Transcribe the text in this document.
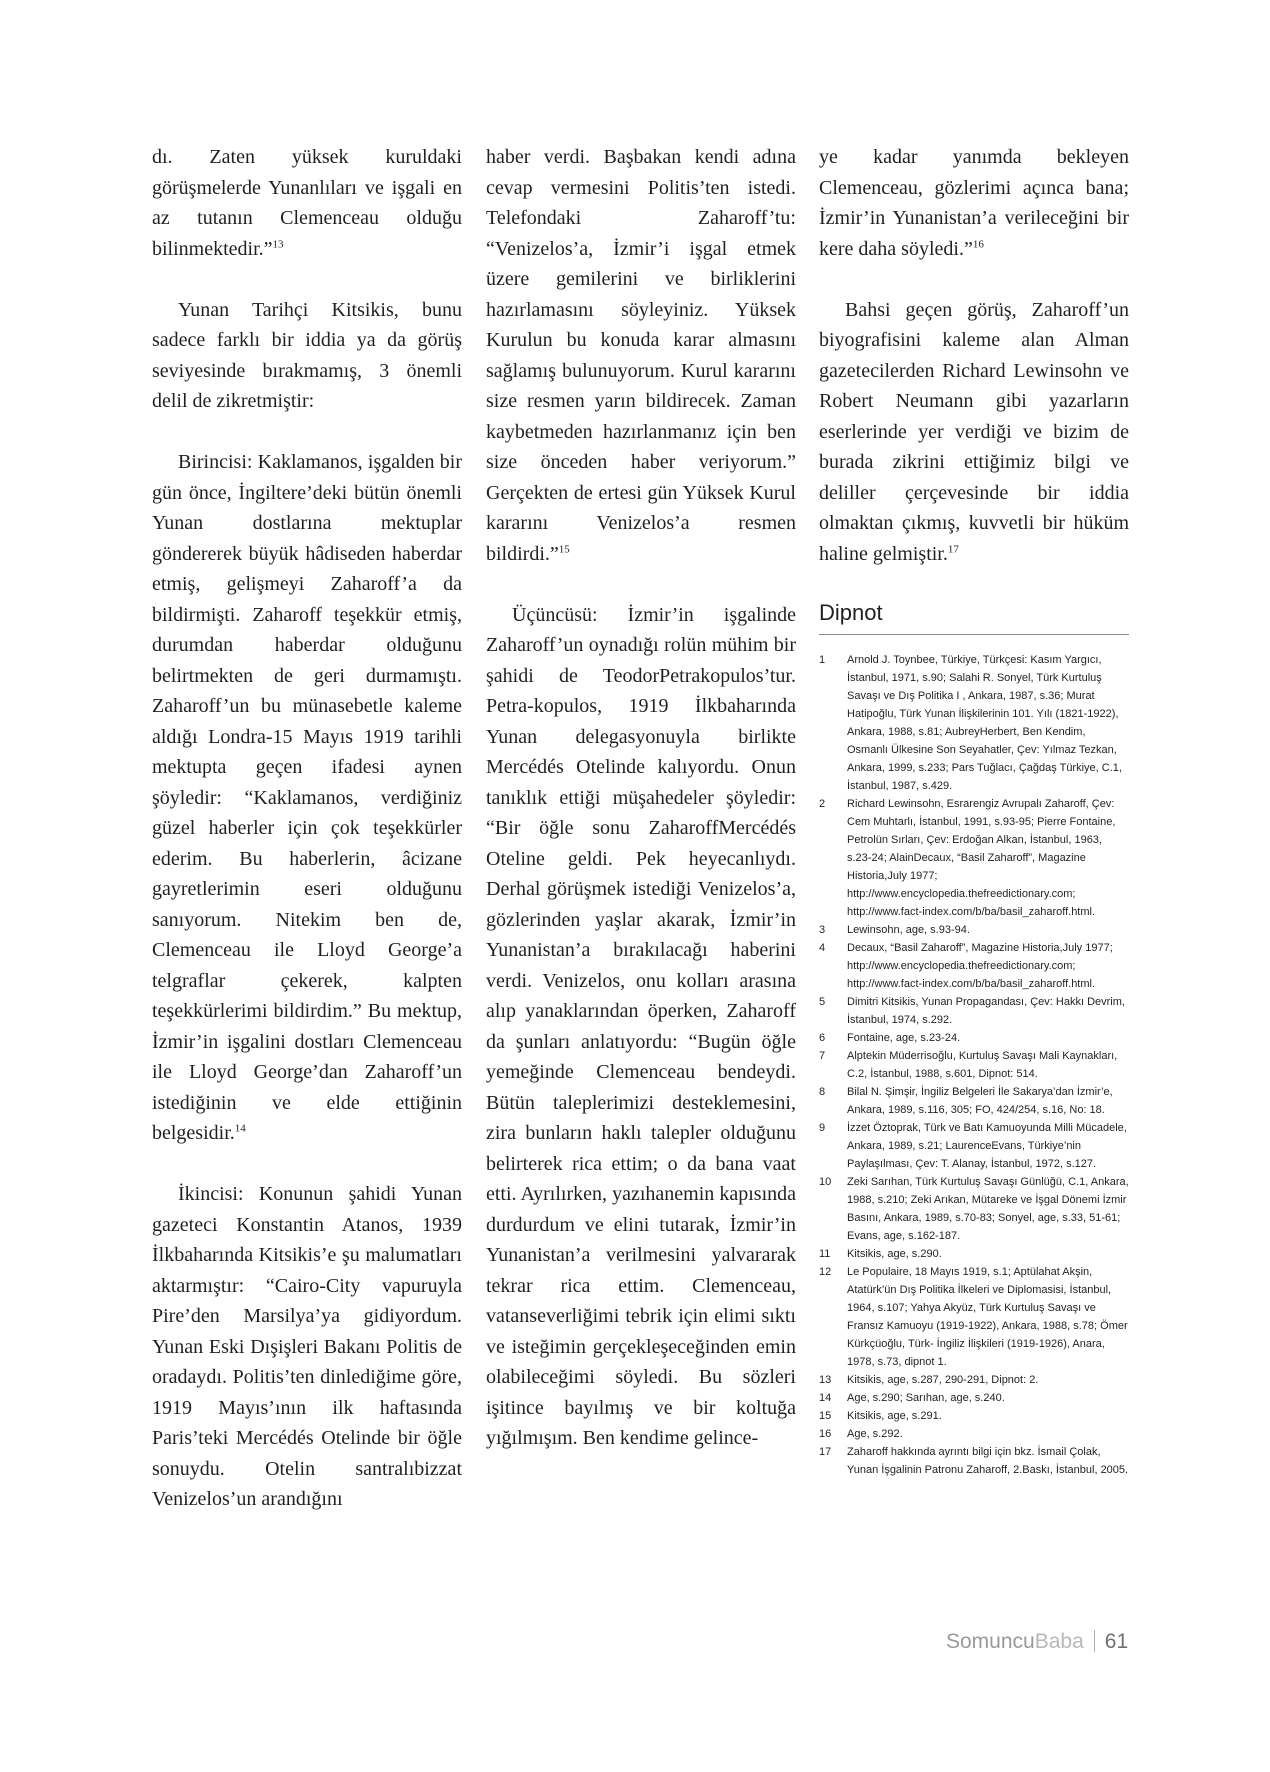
dı. Zaten yüksek kuruldaki görüşmelerde Yunanlıları ve işgali en az tutanın Clemenceau olduğu bilinmektedir.”$^{13}$

Yunan Tarihçi Kitsikis, bunu sadece farklı bir iddia ya da görüş seviyesinde bırakmamış, 3 önemli delil de zikretmiştir:

Birincisi: Kaklamanos, işgalden bir gün önce, İngiltere’deki bütün önemli Yunan dostlarına mektuplar göndererek büyük hâdiseden haberdar etmiş, gelişmeyi Zaharoff’a da bildirmişti. Zaharoff teşekkür etmiş, durumdan haberdar olduğunu belirtmekten de geri durmamıştı. Zaharoff’un bu münasebetle kaleme aldığı Londra-15 Mayıs 1919 tarihli mektupta geçen ifadesi aynen şöyledir: “Kaklamanos, verdiğiniz güzel haberler için çok teşekkürler ederim. Bu haberlerin, âcizane gayretlerimin eseri olduğunu sanıyorum. Nitekim ben de, Clemenceau ile Lloyd George’a telgraflar çekerek, kalpten teşekkürlerimi bildirdim.” Bu mektup, İzmir’in işgalini dostları Clemenceau ile Lloyd George’dan Zaharoff’un istediğinin ve elde ettiğinin belgesidir.$^{14}$

İkincisi: Konunun şahidi Yunan gazeteci Konstantin Atanos, 1939 İlkbaharında Kitsikis’e şu malumatları aktarmıştır: “Cairo-City vapuruyla Pire’den Marsilya’ya gidiyordum. Yunan Eski Dışişleri Bakanı Politis de oradaydı. Politis’ten dinlediğime göre, 1919 Mayıs’ının ilk haftasında Paris’teki Mercédés Otelinde bir öğle sonuydu. Otelin santralıbizzat Venizelos’un arandığını

haber verdi. Başbakan kendi adına cevap vermesini Politis’ten istedi. Telefondaki Zaharoff’tu: “Venizelos’a, İzmir’i işgal etmek üzere gemilerini ve birliklerini hazırlamasını söyleyiniz. Yüksek Kurulun bu konuda karar almasını sağlamış bulunuyorum. Kurul kararını size resmen yarın bildirecek. Zaman kaybetmeden hazırlanmanız için ben size önceden haber veriyorum.” Gerçekten de ertesi gün Yüksek Kurul kararını Venizelos’a resmen bildirdi.”$^{15}$

Üçüncüsü: İzmir’in işgalinde Zaharoff’un oynadığı rolün mühim bir şahidi de TeodorPetrakopulos’tur. Petra-kopulos, 1919 İlkbaharında Yunan delegasyonuyla birlikte Mercédés Otelinde kalıyordu. Onun tanıklık ettiği müşahedeler şöyledir: “Bir öğle sonu ZaharoffMercédés Oteline geldi. Pek heyecanlıydı. Derhal görüşmek istediği Venizelos’a, gözlerinden yaşlar akarak, İzmir’in Yunanistan’a bırakılacağı haberini verdi. Venizelos, onu kolları arasına alıp yanaklarından öperken, Zaharoff da şunları anlatıyordu: “Bugün öğle yemeğinde Clemenceau bendeydi. Bütün taleplerimizi desteklemesini, zira bunların haklı talepler olduğunu belirterek rica ettim; o da bana vaat etti. Ayrılırken, yazıhanemin kapısında durdurdum ve elini tutarak, İzmir’in Yunanistan’a verilmesini yalvararak tekrar rica ettim. Clemenceau, vatanseverliğimi tebrik için elimi sıktı ve isteğimin gerçekleşeceğinden emin olabileceğimi söyledi. Bu sözleri işitince bayılmış ve bir koltuğa yığılmışım. Ben kendime gelince-

ye kadar yanımda bekleyen Clemenceau, gözlerimi açınca bana; İzmir’in Yunanistan’a verileceğini bir kere daha söyledi.”$^{16}$

Bahsi geçen görüş, Zaharoff’un biyografisini kaleme alan Alman gazetecilerden Richard Lewinsohn ve Robert Neumann gibi yazarların eserlerinde yer verdiği ve bizim de burada zikrini ettiğimiz bilgi ve deliller çerçevesinde bir iddia olmaktan çıkmış, kuvvetli bir hüküm haline gelmiştir.$^{17}$

Dipnot
1	Arnold J. Toynbee, Türkiye, Türkçesi: Kasım Yargıcı, İstanbul, 1971, s.90; Salahi R. Sonyel, Türk Kurtuluş Savaşı ve Dış Politika I , Ankara, 1987, s.36; Murat Hatipoğlu, Türk Yunan İlişkilerinin 101. Yılı (1821-1922), Ankara, 1988, s.81; AubreyHerbert, Ben Kendim, Osmanlı Ülkesine Son Seyahatler, Çev: Yılmaz Tezkan, Ankara, 1999, s.233; Pars Tuğlacı, Çağdaş Türkiye, C.1, İstanbul, 1987, s.429.
2	Richard Lewinsohn, Esrarengiz Avrupalı Zaharoff, Çev: Cem Muhtarlı, İstanbul, 1991, s.93-95; Pierre Fontaine, Petrolün Sırları, Çev: Erdoğan Alkan, İstanbul, 1963, s.23-24; AlainDecaux, “Basil Zaharoff”, Magazine Historia,July 1977; http://www.encyclopedia.thefreedictionary.com; http://www.fact-index.com/b/ba/basil_zaharoff.html.
3	Lewinsohn, age, s.93-94.
4	Decaux, “Basil Zaharoff”, Magazine Historia,July 1977; http://www.encyclopedia.thefreedictionary.com; http://www.fact-index.com/b/ba/basil_zaharoff.html.
5	Dimitri Kitsikis, Yunan Propagandası, Çev: Hakkı Devrim, İstanbul, 1974, s.292.
6	Fontaine, age, s.23-24.
7	Alptekin Müderrisoğlu, Kurtuluş Savaşı Mali Kaynakları, C.2, İstanbul, 1988, s.601, Dipnot: 514.
8	Bilal N. Şimşir, İngiliz Belgeleri İle Sakarya’dan İzmir’e, Ankara, 1989, s.116, 305; FO, 424/254, s.16, No: 18.
9	İzzet Öztoprak, Türk ve Batı Kamuoyunda Milli Mücadele, Ankara, 1989, s.21; LaurenceEvans, Türkiye’nin Paylaşılması, Çev: T. Alanay, İstanbul, 1972, s.127.
10	Zeki Sarıhan, Türk Kurtuluş Savaşı Günlüğü, C.1, Ankara, 1988, s.210; Zeki Arıkan, Mütareke ve İşgal Dönemi İzmir Basını, Ankara, 1989, s.70-83; Sonyel, age, s.33, 51-61; Evans, age, s.162-187.
11	Kitsikis, age, s.290.
12	Le Populaire, 18 Mayıs 1919, s.1; Aptülahat Akşin, Atatürk’ün Dış Politika İlkeleri ve Diplomasisi, İstanbul, 1964, s.107; Yahya Akyüz, Türk Kurtuluş Savaşı ve Fransız Kamuoyu (1919-1922), Ankara, 1988, s.78; Ömer Kürkçüoğlu, Türk- İngiliz İlişkileri (1919-1926), Anara, 1978, s.73, dipnot 1.
13	Kitsikis, age, s.287, 290-291, Dipnot: 2.
14	Age, s.290; Sarıhan, age, s.240.
15	Kitsikis, age, s.291.
16	Age, s.292.
17	Zaharoff hakkında ayrıntı bilgi için bkz. İsmail Çolak, Yunan İşgalinin Patronu Zaharoff, 2.Baskı, İstanbul, 2005.
SomuncuBaba 61
